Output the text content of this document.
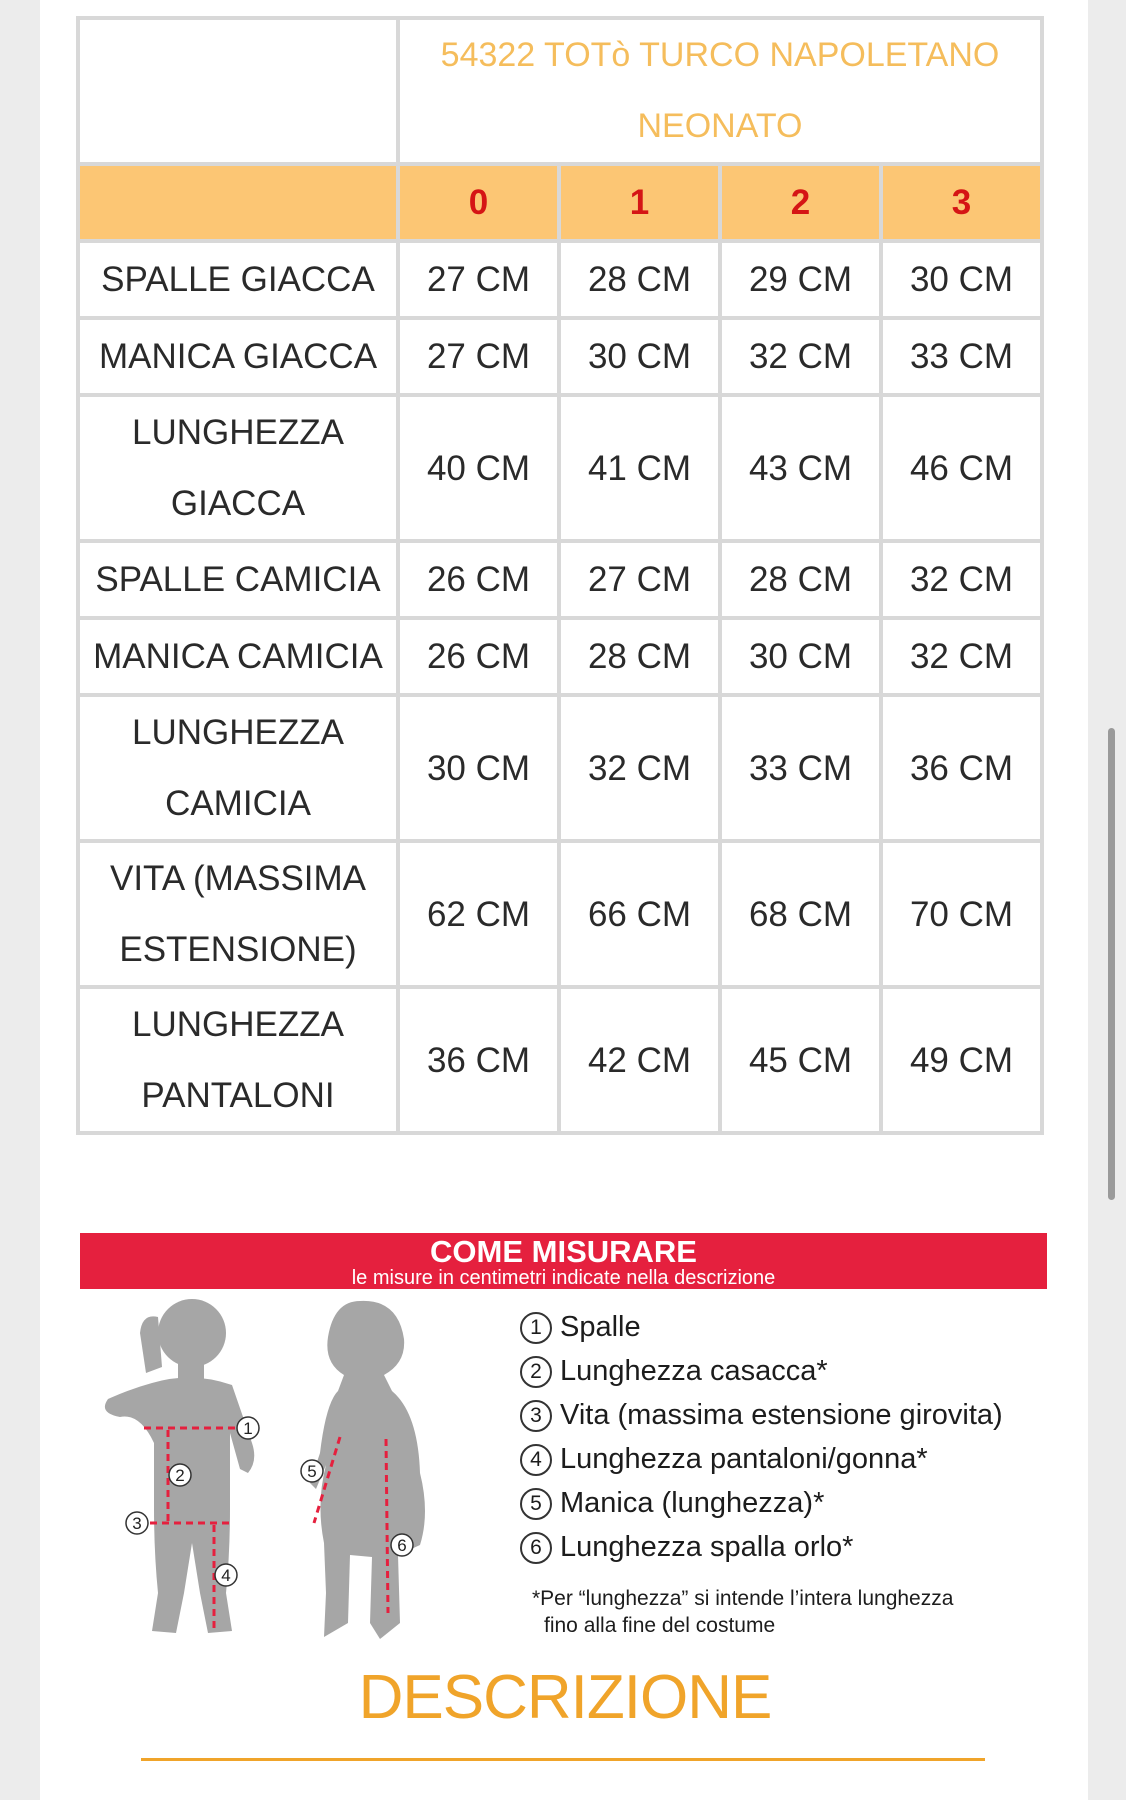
	54322 TOTò TURCO NAPOLETANO
NEONATO			

	0	1	2	3

SPALLE GIACCA	27 CM	28 CM	29 CM	30 CM

MANICA GIACCA	27 CM	30 CM	32 CM	33 CM

LUNGHEZZA
GIACCA	40 CM	41 CM	43 CM	46 CM

SPALLE CAMICIA	26 CM	27 CM	28 CM	32 CM

MANICA CAMICIA	26 CM	28 CM	30 CM	32 CM

LUNGHEZZA
CAMICIA	30 CM	32 CM	33 CM	36 CM

VITA (MASSIMA
ESTENSIONE)	62 CM	66 CM	68 CM	70 CM

LUNGHEZZA
PANTALONI	36 CM	42 CM	45 CM	49 CM
COME MISURARE
le misure in centimetri indicate nella descrizione
1
2
3
4
5
6
1 Spalle
2 Lunghezza casacca*
3 Vita (massima estensione girovita)
4 Lunghezza pantaloni/gonna*
5 Manica (lunghezza)*
6 Lunghezza spalla orlo*
*Per “lunghezza” si intende l’intera lunghezza
fino alla fine del costume
DESCRIZIONE
